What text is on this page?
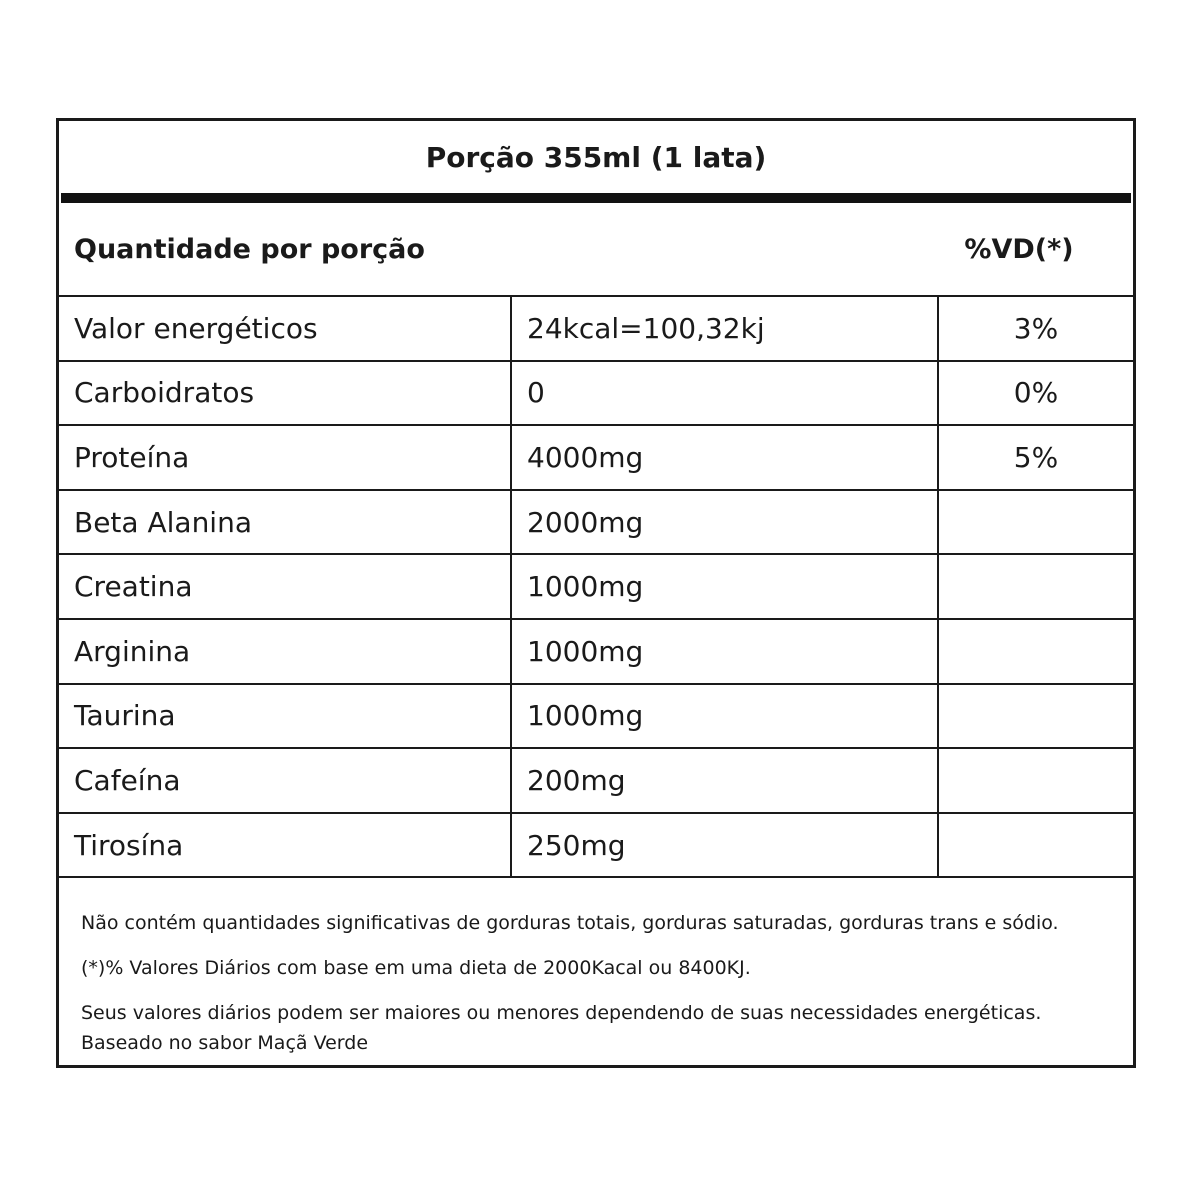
Porção 355ml (1 lata)
Quantidade por porção	%VD(*)
Valor energéticos	24kcal=100,32kj	3%
Carboidratos	0	0%
Proteína	4000mg	5%
Beta Alanina	2000mg	
Creatina	1000mg	
Arginina	1000mg	
Taurina	1000mg	
Cafeína	200mg	
Tirosína	250mg	

Não contém quantidades significativas de gorduras totais, gorduras saturadas, gorduras trans e sódio.

(*)% Valores Diários com base em uma dieta de 2000Kacal ou 8400KJ.

Seus valores diários podem ser maiores ou menores dependendo de suas necessidades energéticas.

Baseado no sabor Maçã Verde
